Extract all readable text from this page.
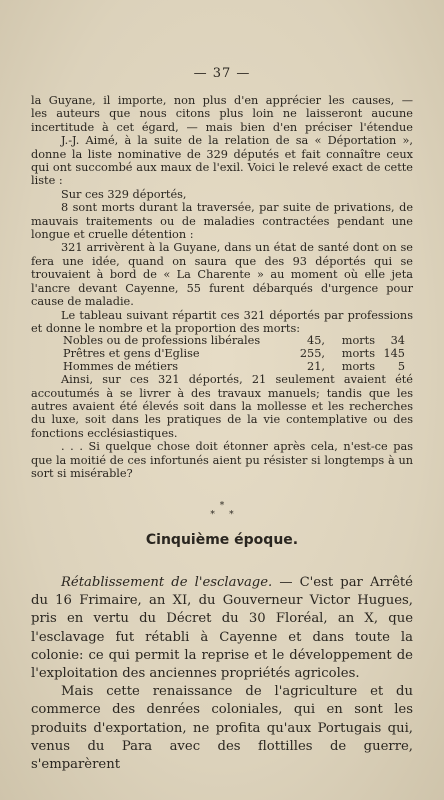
— 37 —

la Guyane, il importe, non plus d'en apprécier les causes, —

les auteurs que nous citons plus loin ne laisseront aucune

incertitude à cet égard, — mais bien d'en préciser l'étendue

J.-J. Aimé, à la suite de la relation de sa « Déportation », donne la liste nominative de 329 députés et fait connaître ceux qui ont succombé aux maux de l'exil. Voici le relevé exact de cette liste :

Sur ces 329 déportés,

8 sont morts durant la traversée, par suite de privations, de mauvais traitements ou de maladies contractées pendant une longue et cruelle détention :

321 arrivèrent à la Guyane, dans un état de santé dont on se fera une idée, quand on saura que des 93 déportés qui se trouvaient à bord de « La Charente » au moment où elle jeta l'ancre devant Cayenne, 55 furent débarqués d'urgence pour cause de maladie.

Le tableau suivant répartit ces 321 déportés par professions et donne le nombre et la proportion des morts:

Nobles ou de professions libérales	45,	morts	34
Prêtres et gens d'Eglise	255,	morts	145
Hommes de métiers	21,	morts	5

Ainsi, sur ces 321 déportés, 21 seulement avaient été accoutumés à se livrer à des travaux manuels; tandis que les autres avaient été élevés soit dans la mollesse et les recherches du luxe, soit dans les pratiques de la vie contemplative ou des fonctions ecclésiastiques.

. . . Si quelque chose doit étonner après cela, n'est-ce pas que la moitié de ces infortunés aient pu résister si longtemps à un sort si misérable?

*
*     *
Cinquième époque.

Rétablissement de l'esclavage. — C'est par Arrêté du 16 Frimaire, an XI, du Gouverneur Victor Hugues, pris en vertu du Décret du 30 Floréal, an X, que l'esclavage fut rétabli à Cayenne et dans toute la colonie: ce qui permit la reprise et le développement de l'exploitation des anciennes propriétés agricoles.

Mais cette renaissance de l'agriculture et du commerce des denrées coloniales, qui en sont les produits d'exportation, ne profita qu'aux Portugais qui, venus du Para avec des flottilles de guerre, s'emparèrent
